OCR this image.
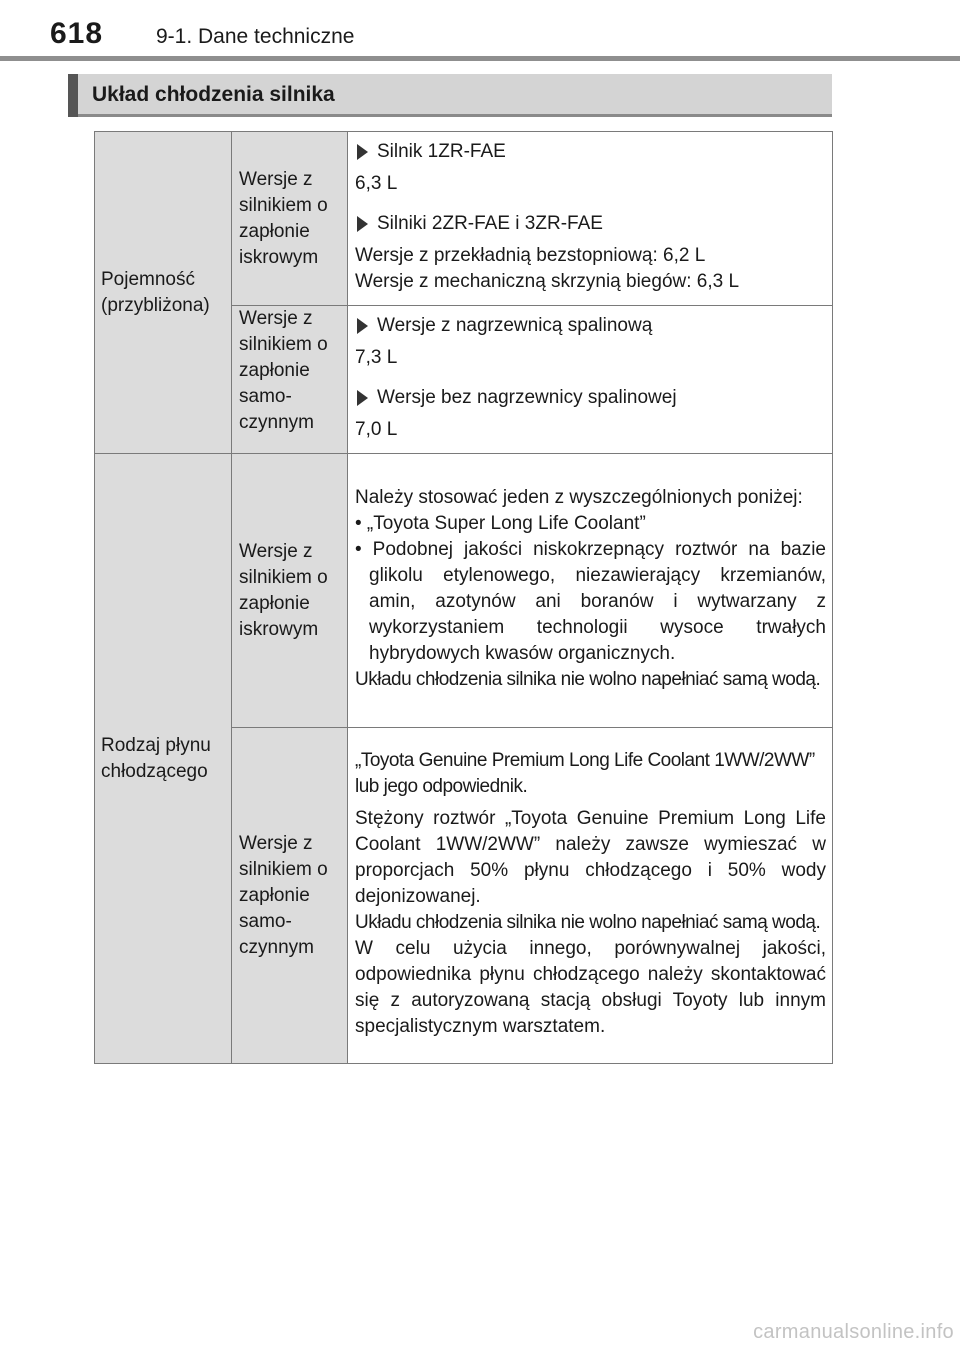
618	9-1. Dane techniczne
Układ chłodzenia silnika
Pojemność (przybliżona)	Wersje z silnikiem o zapłonie iskrowym	Silnik 1ZR-FAE
6,3 L
Silniki 2ZR-FAE i 3ZR-FAE
Wersje z przekładnią bezstopniową: 6,2 L
Wersje z mechaniczną skrzynią biegów: 6,3 L

	Wersje z silnikiem o zapłonie samo- czynnym	Wersje z nagrzewnicą spalinową
7,3 L
Wersje bez nagrzewnicy spalinowej
7,0 L

Rodzaj płynu chłodzącego	Wersje z silnikiem o zapłonie iskrowym	Należy stosować jeden z wyszczególnionych poniżej:
• „Toyota Super Long Life Coolant”
• Podobnej jakości niskokrzepnący roztwór na bazie glikolu etylenowego, niezawierający krzemianów, amin, azotynów ani boranów i wytwarzany z wykorzystaniem technologii wysoce trwałych hybrydowych kwasów organicznych.
Układu chłodzenia silnika nie wolno napełniać samą wodą.

	Wersje z silnikiem o zapłonie samo- czynnym	„Toyota Genuine Premium Long Life Coolant 1WW/2WW” lub jego odpowiednik.
Stężony roztwór „Toyota Genuine Premium Long Life Coolant 1WW/2WW” należy zawsze wymieszać w proporcjach 50% płynu chłodzącego i 50% wody dejonizowanej.
Układu chłodzenia silnika nie wolno napełniać samą wodą.
W celu użycia innego, porównywalnej jakości, odpowiednika płynu chłodzącego należy skontaktować się z autoryzowaną stacją obsługi Toyoty lub innym specjalistycznym warsztatem.
carmanualsonline.info
